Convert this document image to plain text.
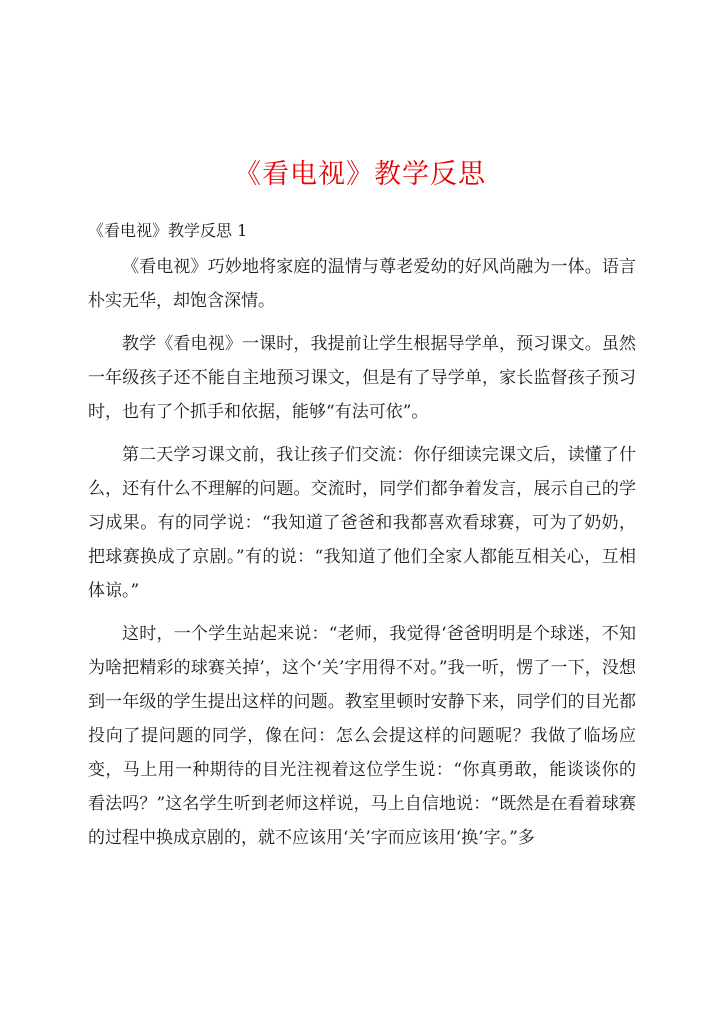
《看电视》教学反思
《看电视》教学反思 1

《看电视》巧妙地将家庭的温情与尊老爱幼的好风尚融为一体。语言朴实无华，却饱含深情。

教学《看电视》一课时，我提前让学生根据导学单，预习课文。虽然一年级孩子还不能自主地预习课文，但是有了导学单，家长监督孩子预习时，也有了个抓手和依据，能够“有法可依”。

第二天学习课文前，我让孩子们交流：你仔细读完课文后，读懂了什么，还有什么不理解的问题。交流时，同学们都争着发言，展示自己的学习成果。有的同学说：“我知道了爸爸和我都喜欢看球赛，可为了奶奶，把球赛换成了京剧。”有的说：“我知道了他们全家人都能互相关心，互相体谅。”

这时，一个学生站起来说：“老师，我觉得‘爸爸明明是个球迷，不知为啥把精彩的球赛关掉’，这个‘关’字用得不对。”我一听，愣了一下，没想到一年级的学生提出这样的问题。教室里顿时安静下来，同学们的目光都投向了提问题的同学，像在问：怎么会提这样的问题呢？我做了临场应变，马上用一种期待的目光注视着这位学生说：“你真勇敢，能谈谈你的看法吗？”这名学生听到老师这样说，马上自信地说：“既然是在看着球赛的过程中换成京剧的，就不应该用‘关’字而应该用‘换’字。”多
